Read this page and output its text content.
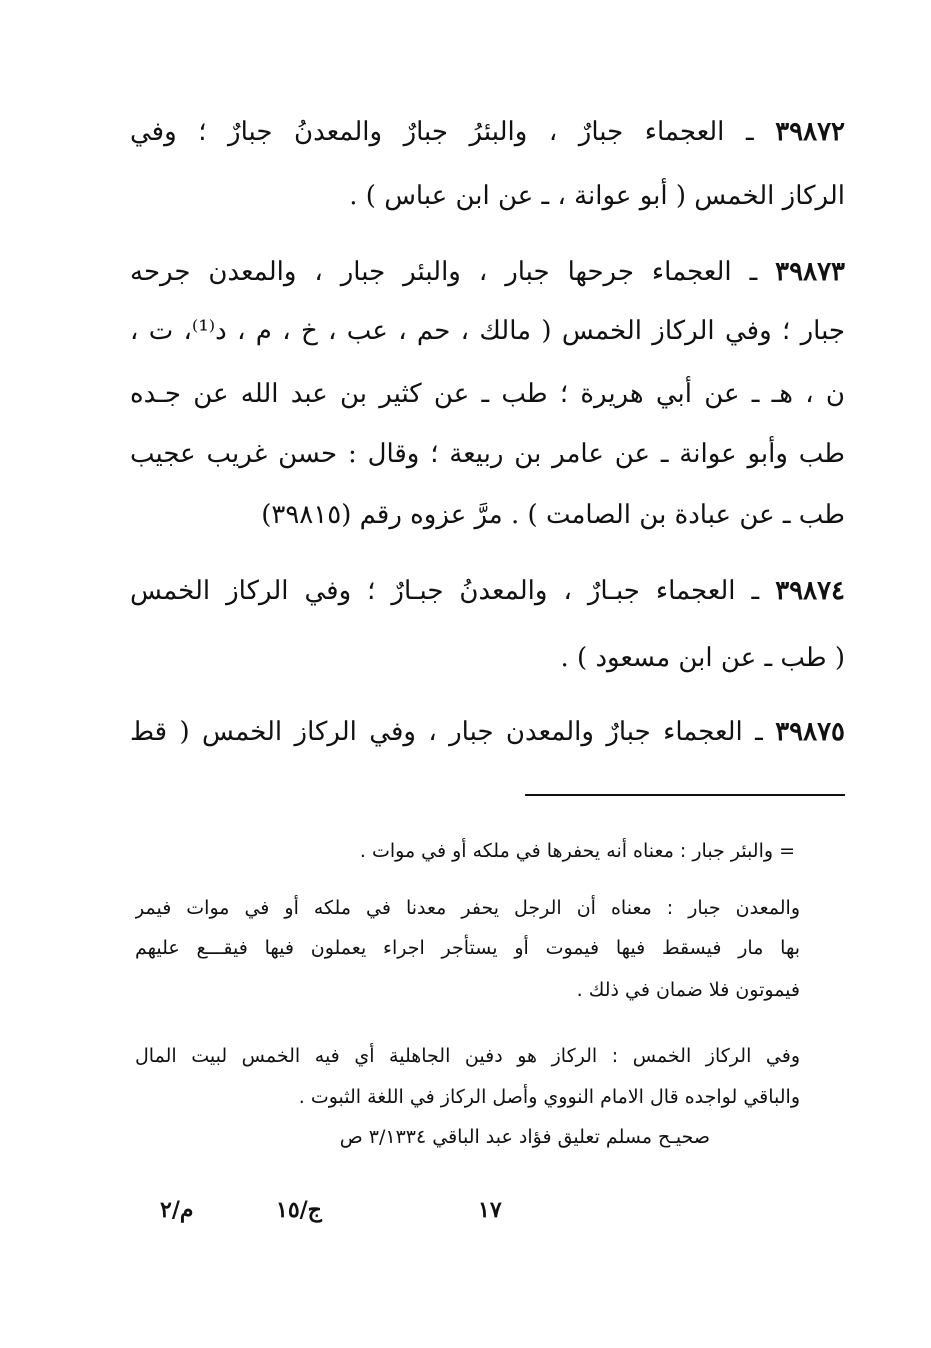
٣٩٨٧٢ ـ العجماء جبارٌ ، والبئرُ جبارٌ والمعدنُ جبارٌ ؛ وفي
الركاز الخمس ( أبو عوانة ، ـ عن ابن عباس ) .
٣٩٨٧٣ ـ العجماء جرحها جبار ، والبئر جبار ، والمعدن جرحه
جبار ؛ وفي الركاز الخمس ( مالك ، حم ، عب ، خ ، م ، د⁽¹⁾، ت ،
ن ، هـ ـ عن أبي هريرة ؛ طب ـ عن كثير بن عبد الله عن جـده
طب وأبو عوانة ـ عن عامر بن ربيعة ؛ وقال : حسن غريب عجيب
طب ـ عن عبادة بن الصامت ) . مرَّ عزوه رقم (٣٩٨١٥)
٣٩٨٧٤ ـ العجماء جبـارٌ ، والمعدنُ جبـارٌ ؛ وفي الركاز الخمس
( طب ـ عن ابن مسعود ) .
٣٩٨٧٥ ـ العجماء جبارٌ والمعدن جبار ، وفي الركاز الخمس ( قط
= والبئر جبار : معناه أنه يحفرها في ملكه أو في موات .
والمعدن جبار : معناه أن الرجل يحفر معدنا في ملكه أو في موات فيمر
بها مار فيسقط فيها فيموت أو يستأجر اجراء يعملون فيها فيقـــع عليهم
فيموتون فلا ضمان في ذلك .
وفي الركاز الخمس : الركاز هو دفين الجاهلية أي فيه الخمس لبيت المال
والباقي لواجده قال الامام النووي وأصل الركاز في اللغة الثبوت .
صحيـح مسلم تعليق فؤاد عبد الباقي ٣/١٣٣٤ ص
١٧
ج/١٥
م/٢
